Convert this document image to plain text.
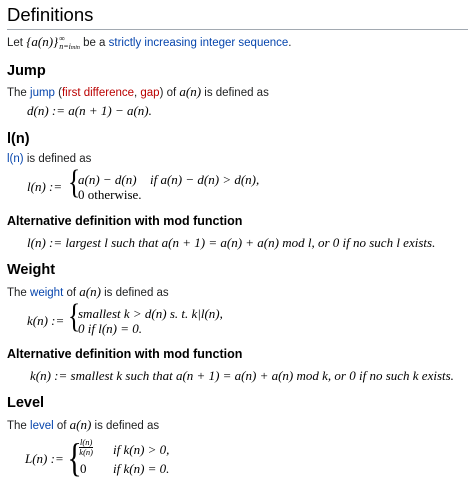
Definitions
Let {a(n)} ∞
n=imin be a strictly increasing integer sequence.
Jump
The jump (first difference, gap) of a(n) is defined as
d(n) := a(n + 1) − a(n).
l(n)
l(n) is defined as
l(n) := {
a(n) − d(n) if a(n) − d(n) > d(n),
0 otherwise.
Alternative definition with mod function
l(n) := largest l such that a(n + 1) = a(n) + a(n) mod l, or 0 if no such l exists.
Weight
The weight of a(n) is defined as
k(n) := {
smallest k > d(n) s. t. k|l(n),
0 if l(n) = 0.
Alternative definition with mod function
k(n) := smallest k such that a(n + 1) = a(n) + a(n) mod k, or 0 if no such k exists.
Level
The level of a(n) is defined as
L(n) := {
$\frac{l(n)}{k(n)}$ if k(n) > 0,
0 if k(n) = 0.
